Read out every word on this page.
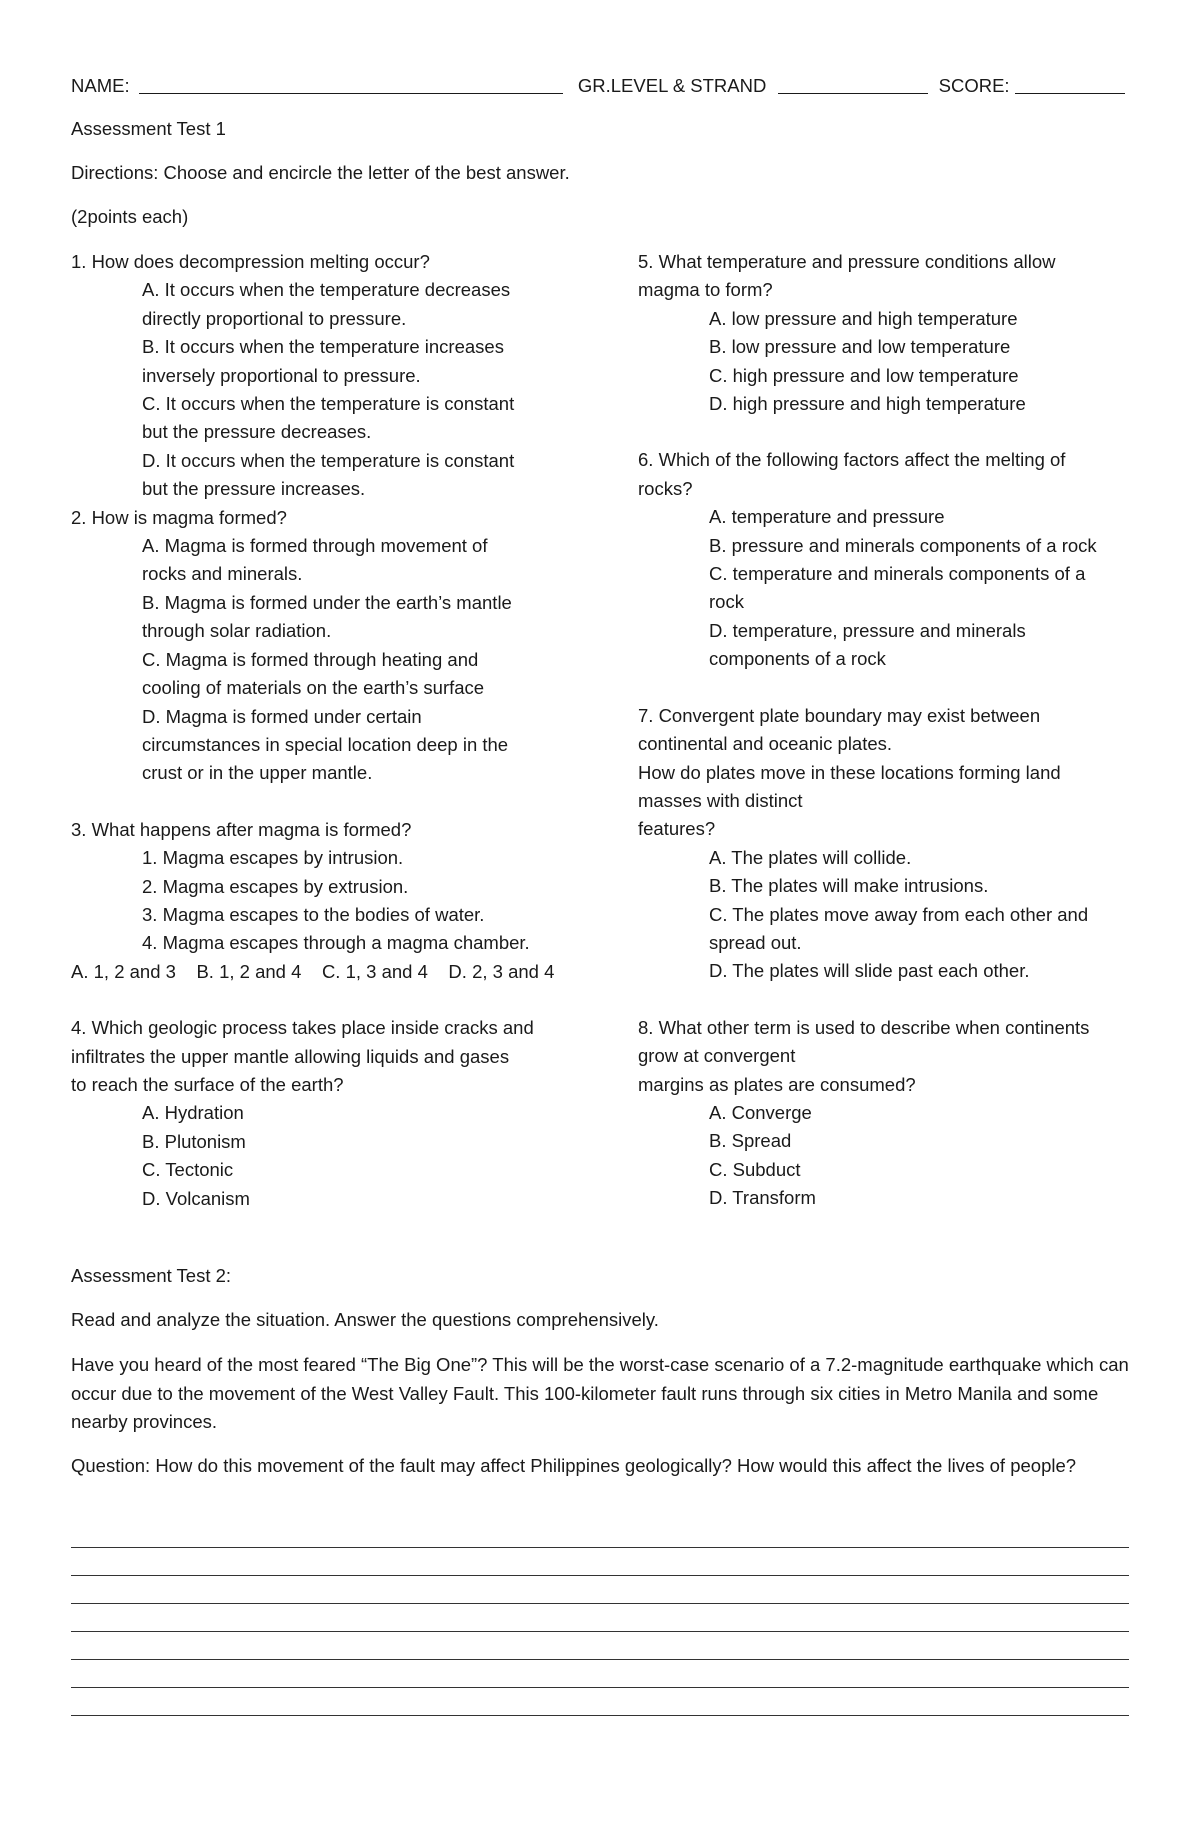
NAME:	GR.LEVEL & STRAND	SCORE:
Assessment Test 1
Directions: Choose and encircle the letter of the best answer.
(2points each)
1. How does decompression melting occur?
A. It occurs when the temperature decreases
directly proportional to pressure.
B. It occurs when the temperature increases
inversely proportional to pressure.
C. It occurs when the temperature is constant
but the pressure decreases.
D. It occurs when the temperature is constant
but the pressure increases.
2. How is magma formed?
A. Magma is formed through movement of
rocks and minerals.
B. Magma is formed under the earth’s mantle
through solar radiation.
C. Magma is formed through heating and
cooling of materials on the earth’s surface
D. Magma is formed under certain
circumstances in special location deep in the
crust or in the upper mantle.
3. What happens after magma is formed?
1. Magma escapes by intrusion.
2. Magma escapes by extrusion.
3. Magma escapes to the bodies of water.
4. Magma escapes through a magma chamber.
A. 1, 2 and 3    B. 1, 2 and 4    C. 1, 3 and 4    D. 2, 3 and 4
4. Which geologic process takes place inside cracks and
infiltrates the upper mantle allowing liquids and gases
to reach the surface of the earth?
A. Hydration
B. Plutonism
C. Tectonic
D. Volcanism
5. What temperature and pressure conditions allow
magma to form?
A. low pressure and high temperature
B. low pressure and low temperature
C. high pressure and low temperature
D. high pressure and high temperature
6. Which of the following factors affect the melting of
rocks?
A. temperature and pressure
B. pressure and minerals components of a rock
C. temperature and minerals components of a
rock
D. temperature, pressure and minerals
components of a rock
7. Convergent plate boundary may exist between
continental and oceanic plates.
How do plates move in these locations forming land
masses with distinct
features?
A. The plates will collide.
B. The plates will make intrusions.
C. The plates move away from each other and
spread out.
D. The plates will slide past each other.
8. What other term is used to describe when continents
grow at convergent
margins as plates are consumed?
A. Converge
B. Spread
C. Subduct
D. Transform
Assessment Test 2:
Read and analyze the situation. Answer the questions comprehensively.
Have you heard of the most feared “The Big One”? This will be the worst-case scenario of a 7.2-magnitude earthquake which can occur due to the movement of the West Valley Fault. This 100-kilometer fault runs through six cities in Metro Manila and some nearby provinces.
Question: How do this movement of the fault may affect Philippines geologically? How would this affect the lives of people?
